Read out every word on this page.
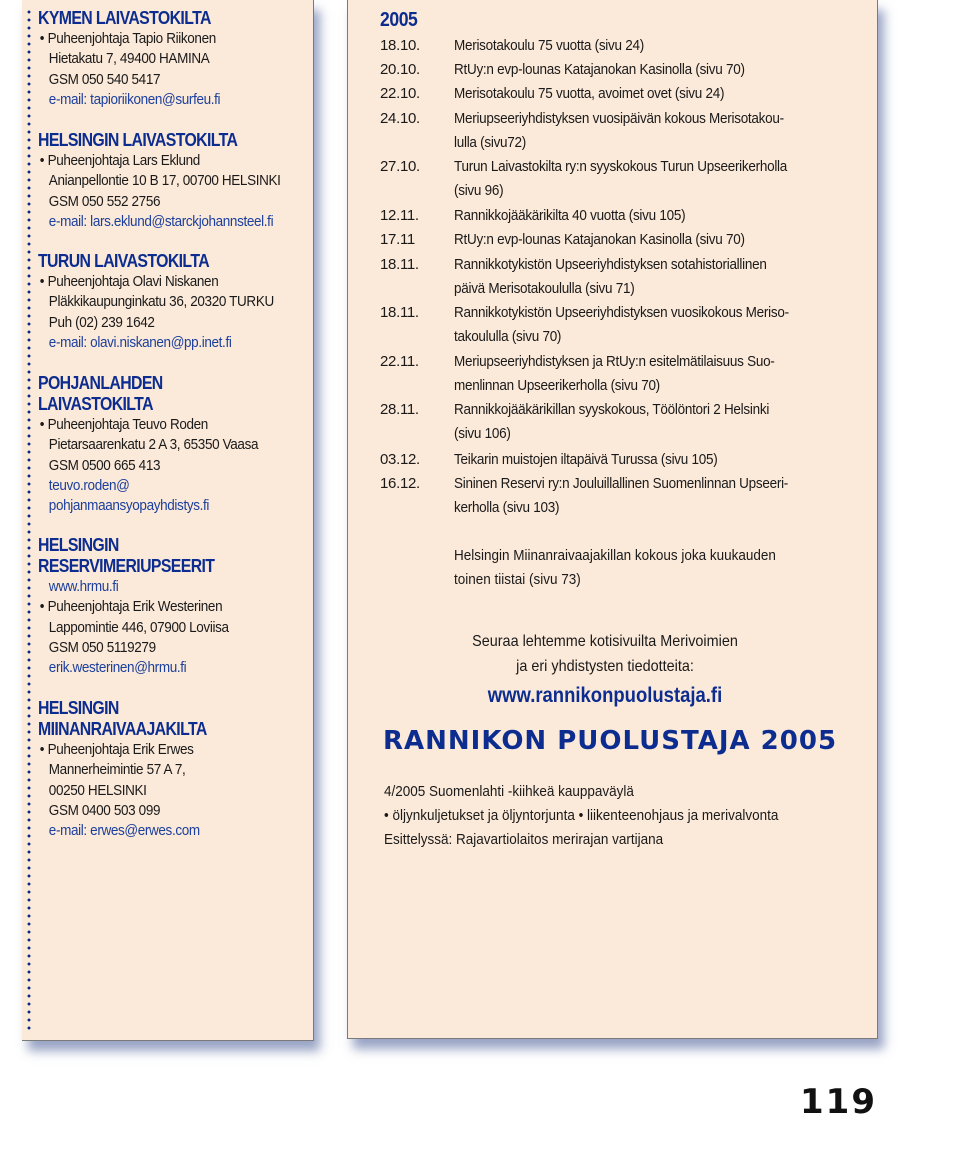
KYMEN LAIVASTOKILTA
• Puheenjohtaja Tapio Riikonen
Hietakatu 7, 49400 HAMINA
GSM 050 540 5417
e-mail: tapioriikonen@surfeu.fi
HELSINGIN LAIVASTOKILTA
• Puheenjohtaja Lars Eklund
Anianpellontie 10 B 17, 00700 HELSINKI
GSM 050 552 2756
e-mail: lars.eklund@starckjohannsteel.fi
TURUN LAIVASTOKILTA
• Puheenjohtaja Olavi Niskanen
Pläkkikaupunginkatu 36, 20320 TURKU
Puh (02) 239 1642
e-mail: olavi.niskanen@pp.inet.fi
POHJANLAHDEN
LAIVASTOKILTA
• Puheenjohtaja Teuvo Roden
Pietarsaarenkatu 2 A 3, 65350 Vaasa
GSM 0500 665 413
teuvo.roden@
pohjanmaansyopayhdistys.fi
HELSINGIN
RESERVIMERIUPSEERIT
www.hrmu.fi
• Puheenjohtaja Erik Westerinen
Lappomintie 446, 07900 Loviisa
GSM 050 5119279
erik.westerinen@hrmu.fi
HELSINGIN
MIINANRAIVAAJAKILTA
• Puheenjohtaja Erik Erwes
Mannerheimintie 57 A 7,
00250 HELSINKI
GSM 0400 503 099
e-mail: erwes@erwes.com
2005
18.10.	Merisotakoulu 75 vuotta (sivu 24)
20.10.	RtUy:n evp-lounas Katajanokan Kasinolla (sivu 70)
22.10.	Merisotakoulu 75 vuotta, avoimet ovet (sivu 24)
24.10.	Meriupseeriyhdistyksen vuosipäivän kokous Merisotakou-
lulla (sivu72)
27.10.	Turun Laivastokilta ry:n syyskokous Turun Upseerikerholla
(sivu 96)
12.11.	Rannikkojääkärikilta 40 vuotta (sivu 105)
17.11	RtUy:n evp-lounas Katajanokan Kasinolla (sivu 70)
18.11.	Rannikkotykistön Upseeriyhdistyksen sotahistoriallinen
päivä Merisotakoululla (sivu 71)
18.11.	Rannikkotykistön Upseeriyhdistyksen vuosikokous Meriso-
takoululla (sivu 70)
22.11.	Meriupseeriyhdistyksen ja RtUy:n esitelmätilaisuus Suo-
menlinnan Upseerikerholla (sivu 70)
28.11.	Rannikkojääkärikillan syyskokous, Töölöntori 2 Helsinki
(sivu 106)
03.12.	Teikarin muistojen iltapäivä Turussa (sivu 105)
16.12.	Sininen Reservi ry:n Jouluillallinen Suomenlinnan Upseeri-
kerholla (sivu 103)
Helsingin Miinanraivaajakillan kokous joka kuukauden
toinen tiistai (sivu 73)
Seuraa lehtemme kotisivuilta Merivoimien
ja eri yhdistysten tiedotteita:
www.rannikonpuolustaja.fi
RANNIKON PUOLUSTAJA 2005
4/2005 Suomenlahti -kiihkeä kauppaväylä
• öljynkuljetukset ja öljyntorjunta • liikenteenohjaus ja merivalvonta
Esittelyssä: Rajavartiolaitos merirajan vartijana
119
